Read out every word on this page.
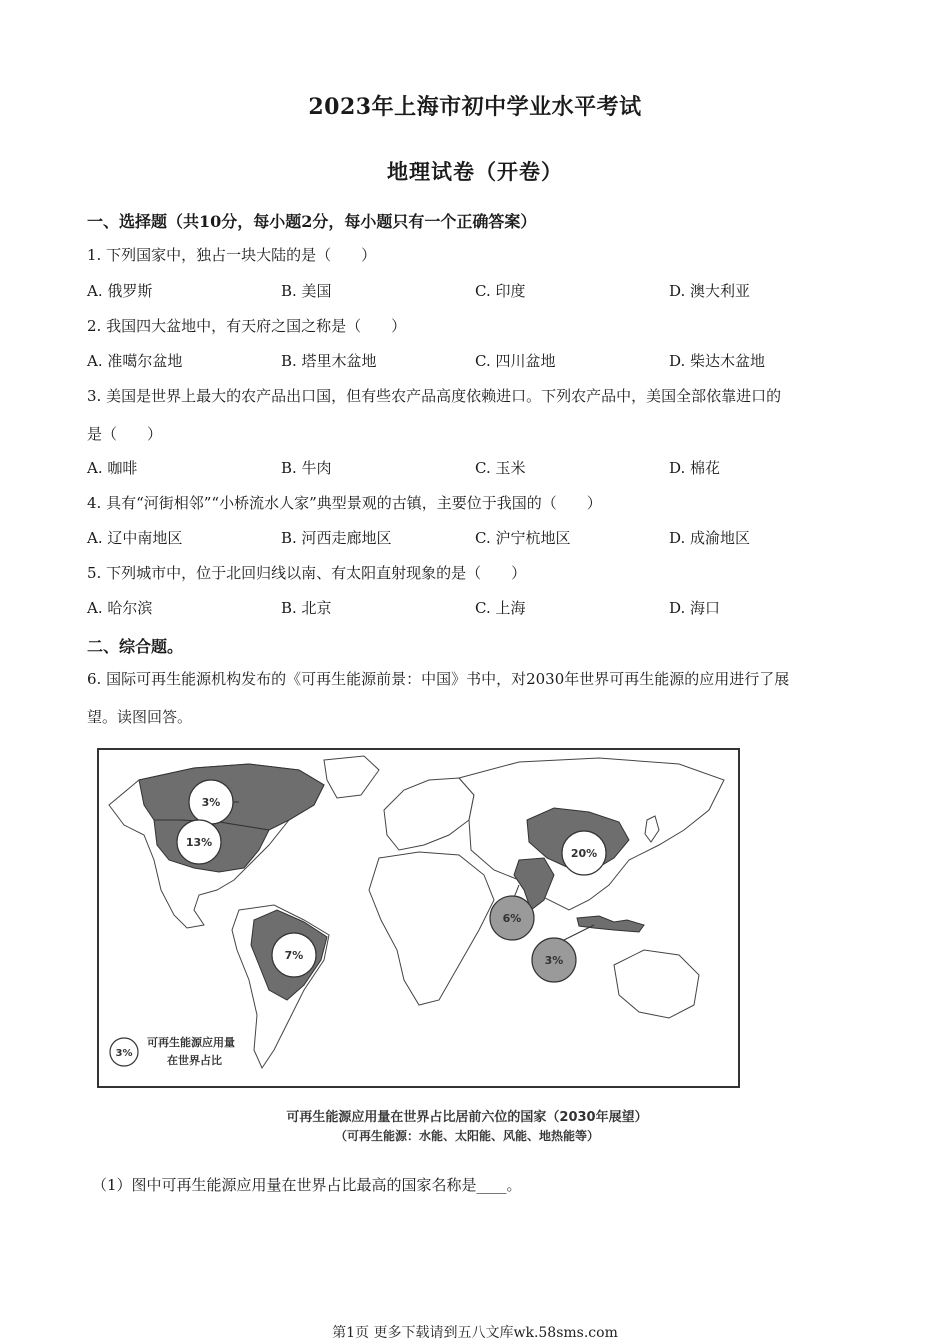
2023年上海市初中学业水平考试
地理试卷（开卷）
一、选择题（共10分，每小题2分，每小题只有一个正确答案）
1. 下列国家中，独占一块大陆的是（　　）
A. 俄罗斯	B. 美国	C. 印度	D. 澳大利亚
2. 我国四大盆地中，有天府之国之称是（　　）
A. 准噶尔盆地	B. 塔里木盆地	C. 四川盆地	D. 柴达木盆地
3. 美国是世界上最大的农产品出口国，但有些农产品高度依赖进口。下列农产品中，美国全部依靠进口的
是（　　）
A. 咖啡	B. 牛肉	C. 玉米	D. 棉花
4. 具有“河街相邻”“小桥流水人家”典型景观的古镇，主要位于我国的（　　）
A. 辽中南地区	B. 河西走廊地区	C. 沪宁杭地区	D. 成渝地区
5. 下列城市中，位于北回归线以南、有太阳直射现象的是（　　）
A. 哈尔滨	B. 北京	C. 上海	D. 海口
二、综合题。
6. 国际可再生能源机构发布的《可再生能源前景：中国》书中，对2030年世界可再生能源的应用进行了展
望。读图回答。
3%
13%
7%
6%
3%
20%
3%
可再生能源应用量
在世界占比
可再生能源应用量在世界占比居前六位的国家（2030年展望）
（可再生能源：水能、太阳能、风能、地热能等）
（1）图中可再生能源应用量在世界占比最高的国家名称是____。
第1页 更多下载请到五八文库wk.58sms.com
